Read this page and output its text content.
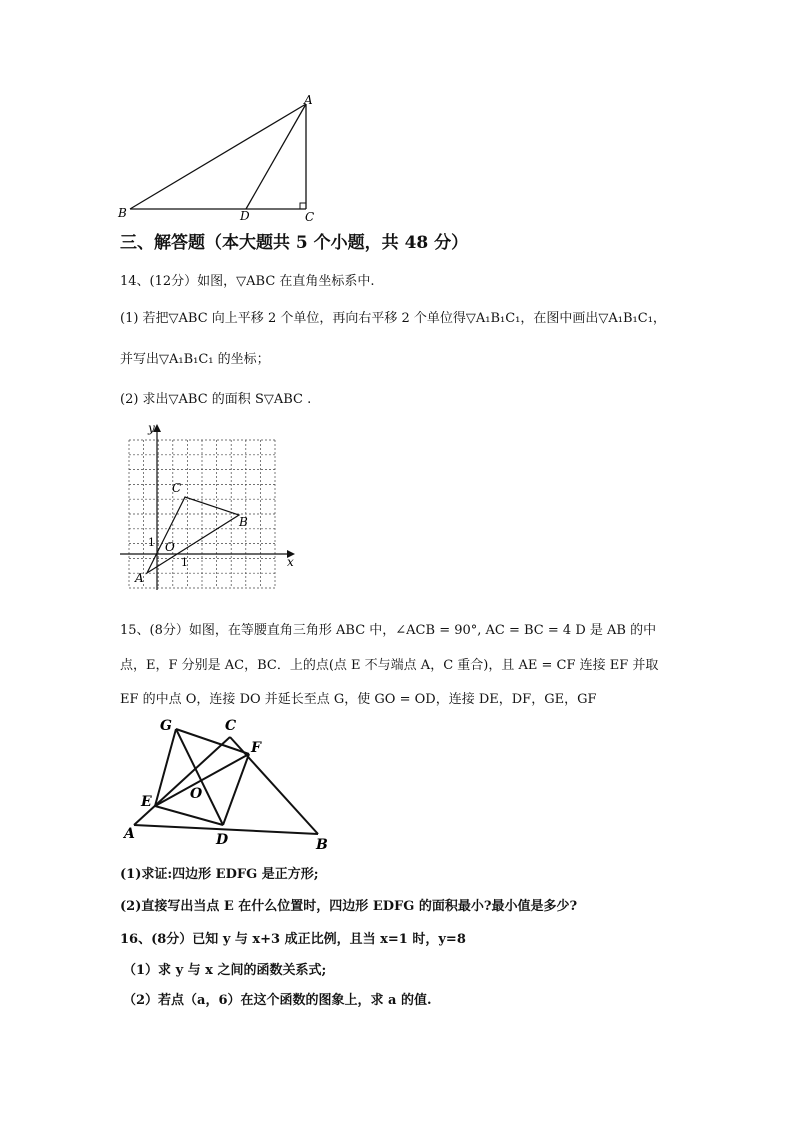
A
B	C
D
三、解答题（本大题共 5 个小题，共 48 分）
14、(12分）如图，▽ABC 在直角坐标系中.
(1) 若把▽ABC 向上平移 2 个单位，再向右平移 2 个单位得▽A₁B₁C₁，在图中画出▽A₁B₁C₁，
并写出▽A₁B₁C₁ 的坐标；
(2) 求出▽ABC 的面积 S▽ABC .
x
y
O
1
1
A
B
C
15、(8分）如图，在等腰直角三角形 ABC 中，∠ACB = 90°, AC = BC = 4 D 是 AB 的中
点，E，F 分别是 AC，BC．上的点(点 E 不与端点 A，C 重合)，且 AE = CF 连接 EF 并取
EF 的中点 O，连接 DO 并延长至点 G，使 GO = OD，连接 DE，DF，GE，GF
G	C
F
E	O
A	D	B
(1)求证:四边形 EDFG 是正方形;
(2)直接写出当点 E 在什么位置时，四边形 EDFG 的面积最小?最小值是多少?
16、(8分）已知 y 与 x+3 成正比例，且当 x=1 时，y=8
（1）求 y 与 x 之间的函数关系式;
（2）若点（a，6）在这个函数的图象上，求 a 的值.
